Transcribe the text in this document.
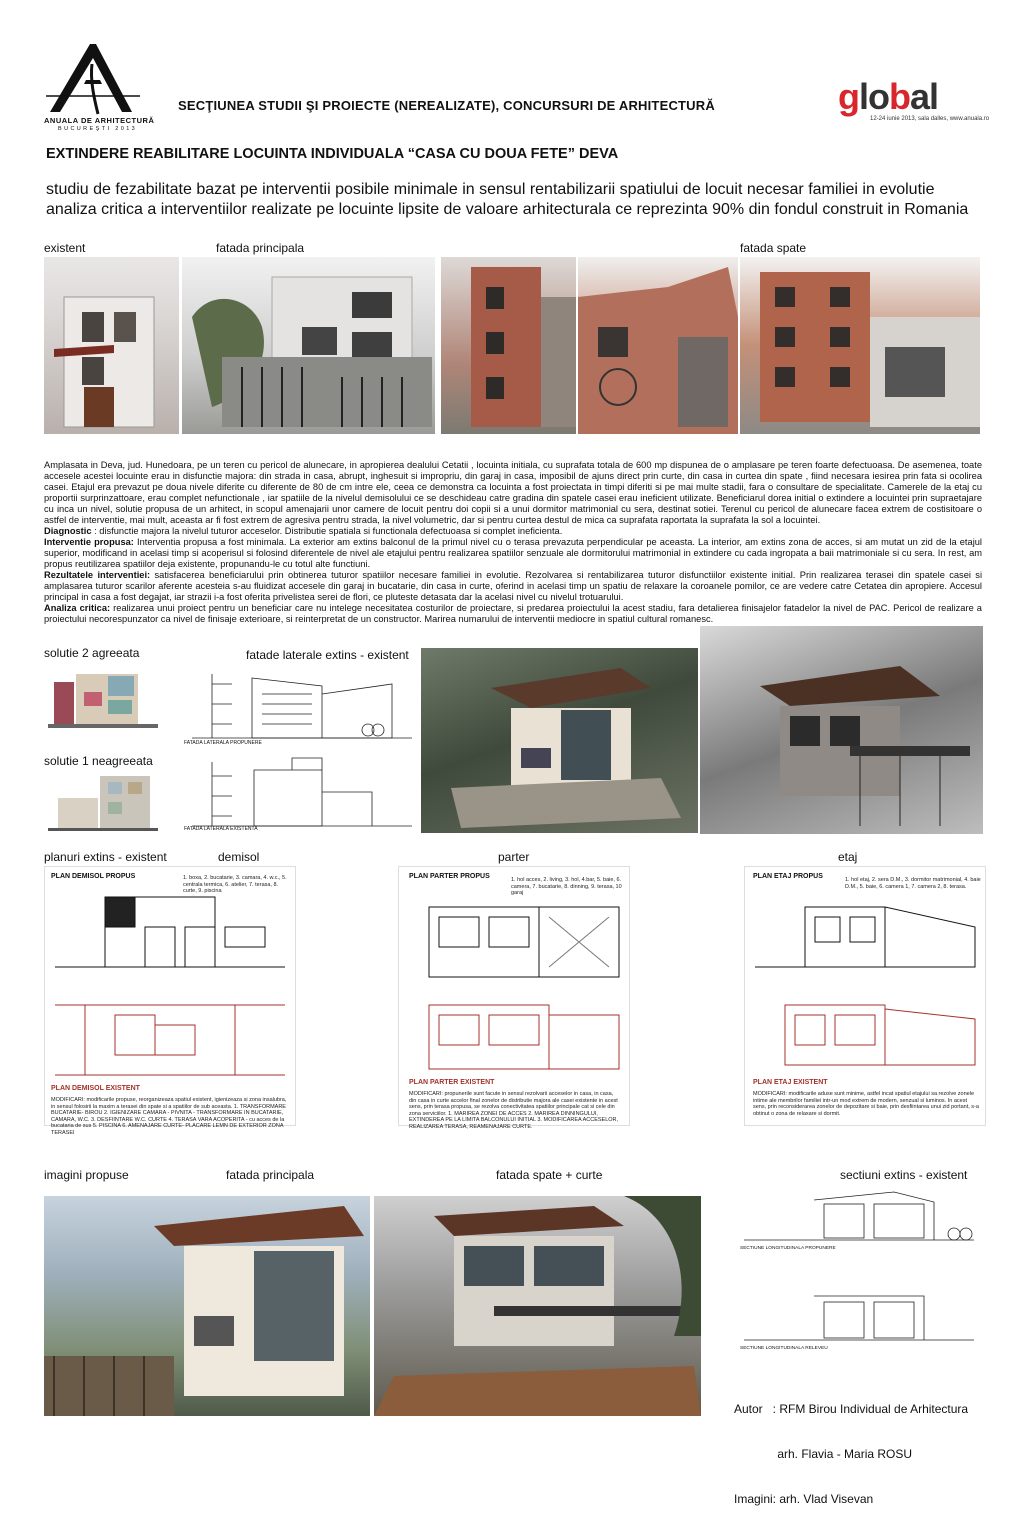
ANUALA DE ARHITECTURĂ
BUCUREŞTI 2013
SECŢIUNEA STUDII ŞI PROIECTE (NEREALIZATE), CONCURSURI DE ARHITECTURĂ	global
12-24 iunie 2013, sala dalles, www.anuala.ro
EXTINDERE REABILITARE LOCUINTA INDIVIDUALA “CASA CU DOUA FETE” DEVA
studiu de fezabilitate bazat pe interventii posibile minimale in sensul rentabilizarii spatiului de locuit necesar familiei in evolutie
analiza critica a interventiilor realizate pe locuinte lipsite de valoare arhitecturala ce reprezinta 90% din fondul construit in Romania
existent	fatada principala	fatada spate

Amplasata in Deva, jud. Hunedoara, pe un teren cu pericol de alunecare, in apropierea dealului Cetatii , locuinta initiala, cu suprafata totala de 600 mp dispunea de o amplasare pe teren foarte defectuoasa. De asemenea, toate accesele acestei locuinte erau in disfunctie majora: din strada in casa, abrupt, inghesuit si impropriu, din garaj in casa, imposibil de ajuns direct prin curte, din casa in curtea din spate , fiind necesara iesirea prin fata si ocolirea casei. Etajul era prevazut pe doua nivele diferite cu diferente de 80 de cm intre ele, ceea ce demonstra ca locuinta a fost proiectata in timpi diferiti si pe mai multe stadii, fara o consultare de specialitate. Camerele de la etaj cu proportii surprinzattoare, erau complet nefunctionale , iar spatiile de la nivelul demisolului ce se deschideau catre gradina din spatele casei erau ineficient utilizate. Beneficiarul dorea initial o extindere a locuintei prin supraetajare cu inca un nivel, solutie propusa de un arhitect, in scopul amenajarii unor camere de locuit pentru doi copii si a unui dormitor matrimonial cu sera, destinat sotiei. Terenul cu pericol de alunecare facea extrem de costisitoare o astfel de interventie, mai mult, aceasta ar fi fost extrem de agresiva pentru strada, la nivel volumetric, dar si pentru curtea destul de mica ca suprafata raportata la suprafata la sol a locuintei.

Diagnostic : disfunctie majora la nivelul tuturor acceselor. Distributie spatiala si functionala defectuoasa si complet ineficienta.

Interventie propusa: Interventia propusa a fost minimala. La exterior am extins balconul de la primul nivel cu o terasa prevazuta perpendicular pe aceasta. La interior, am extins zona de acces, si am mutat un zid de la etajul superior, modificand in acelasi timp si acoperisul si folosind diferentele de nivel ale etajului pentru realizarea spatiilor senzuale ale dormitorului matrimonial in extindere cu cada ingropata a baii matrimoniale si cu sera. In rest, am propus reutilizarea spatiilor deja existente, propunandu-le cu totul alte functiuni.

Rezultatele interventiei: satisfacerea beneficiarului prin obtinerea tuturor spatiilor necesare familiei in evolutie. Rezolvarea si rentabilizarea tuturor disfunctiilor existente initial. Prin realizarea terasei din spatele casei si amplasarea tuturor scarilor aferente acesteia s-au fluidizat accesele din garaj in bucatarie, din casa in curte, oferind in acelasi timp un spatiu de relaxare la coroanele pomilor, ce are vedere catre Cetatea din apropiere. Accesul principal in casa a fost degajat, iar strazii i-a fost oferita privelistea serei de flori, ce pluteste detasata dar la acelasi nivel cu nivelul trotuarului.

Analiza critica: realizarea unui proiect pentru un beneficiar care nu intelege necesitatea costurilor de proiectare, si predarea proiectului la acest stadiu, fara detalierea finisajelor fatadelor la nivel de PAC. Pericol de realizare a proiectului necorespunzator ca nivel de finisaje exterioare, si reinterpretat de un constructor. Marirea numarului de interventii mediocre in spatiul cultural romanesc.

solutie 2 agreeata	fatade laterale extins - existent
solutie 1 neagreeata
FATADA LATERALA PROPUNERE
FATADA LATERALA EXISTENTA
planuri extins - existent	demisol	parter	etaj
PLAN DEMISOL PROPUS	1. boxa, 2. bucatarie, 3. camara, 4. w.c., 5. centrala termica, 6. atelier, 7. terasa, 8. curte, 9. piscina
PLAN DEMISOL EXISTENT
MODIFICARI: modificarile propuse, reorganizeaza spatiul existent, igienizeaza si zona insalubra, in sensul folosirii la maxim a terasei din spate si a spatiilor de sub aceasta. 1. TRANSFORMARE BUCATARIE- BIROU 2. IGIENIZARE CAMARA - PIVNITA - TRANSFORMARE IN BUCATARIE, CAMARA, W.C. 3. DESFIINTARE W.C. CURTE 4. TERASA VARA ACOPERITA - cu acces de la bucataria de sus 5. PISCINA 6. AMENAJARE CURTE- PLACARE LEMN DE EXTERIOR ZONA TERASEI
PLAN PARTER PROPUS	1. hol acces, 2. living, 3. hol, 4.bar, 5. baie, 6. camera, 7. bucatarie, 8. dinning, 9. terasa, 10 garaj
PLAN PARTER EXISTENT
MODIFICARI: propunerile sunt facute in sensul rezolvarii acceselor in casa, in casa, din casa in curte accelor final zonelor de distributie majora ale casei existente in acest sens, prin terasa propusa, se rezolva conectivitatea spatiilor principale cat si cele din zona serviciilor. 1. MARIREA ZONEI DE ACCES 2. MARIREA DINNINGULUI, EXTINDEREA PE LA LIMITA BALCONULUI INITIAL 3. MODIFICAREA ACCESELOR, REALIZAREA TERASA, REAMENAJARE CURTE.
PLAN ETAJ PROPUS	1. hol etaj, 2. sera D.M., 3. dormitor matrimonial, 4. baie D.M., 5. baie, 6. camera 1, 7. camera 2, 8. terasa.
PLAN ETAJ EXISTENT
MODIFICARI: modificarile aduse sunt minime, astfel incat spatiul etajului sa rezolve zonele intime ale membrilor familiei intr-un mod extrem de modern, senzual si luminos. In acest sens, prin reconsiderarea zonelor de depozitare si baie, prin desfiintarea unui zid portant, s-a obtinut o zona de relaxare si dormit.
imagini propuse	fatada principala	fatada spate + curte	sectiuni extins - existent
SECTIUNE LONGITUDINALA PROPUNERE
SECTIUNE LONGITUDINALA RELEVEU

Autor   : RFM Birou Individual de Arhitectura

arh. Flavia - Maria ROSU

Imagini: arh. Vlad Visevan
